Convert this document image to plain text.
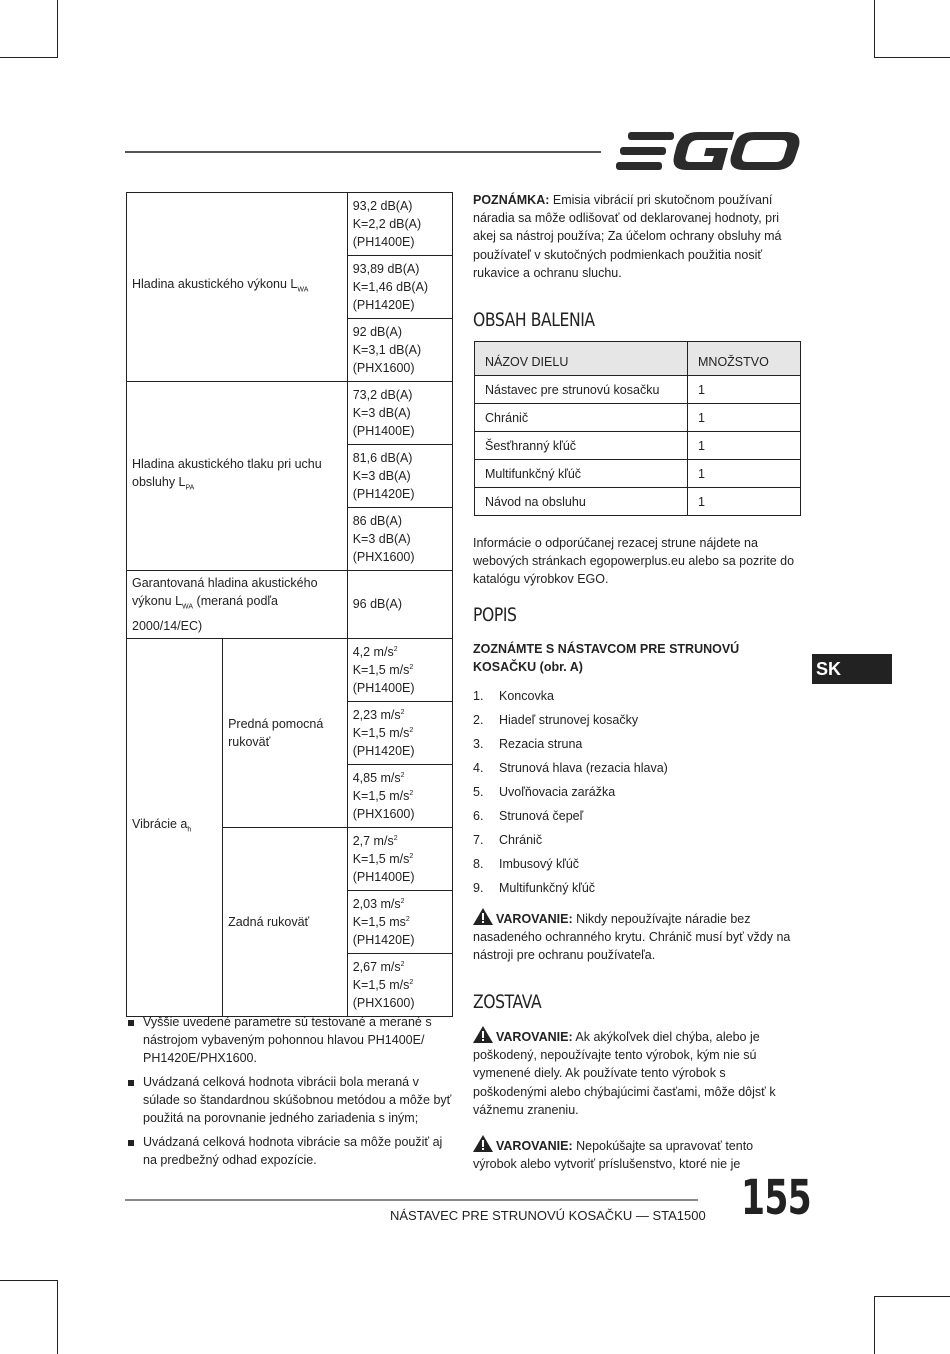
Hladina akustického výkonu $L_{WA}$		93,2 dB(A)
K=2,2 dB(A)
(PH1400E)
		93,89 dB(A)
K=1,46 dB(A)
(PH1420E)
		92 dB(A)
K=3,1 dB(A)
(PHX1600)
Hladina akustického tlaku pri uchu obsluhy $L_{PA}$		73,2 dB(A)
K=3 dB(A)
(PH1400E)
		81,6 dB(A)
K=3 dB(A)
(PH1420E)
		86 dB(A)
K=3 dB(A)
(PHX1600)
Garantovaná hladina akustického výkonu $L_{WA}$ (meraná podľa 2000/14/EC)		96 dB(A)
Vibrácie $a_h$	Predná pomocná rukoväť	4,2 $m/s^2$
K=1,5 $m/s^2$
(PH1400E)
		2,23 $m/s^2$
K=1,5 $m/s^2$
(PH1420E)
		4,85 $m/s^2$
K=1,5 $m/s^2$
(PHX1600)
	Zadná rukoväť	2,7 $m/s^2$
K=1,5 $m/s^2$
(PH1400E)
		2,03 $m/s^2$
K=1,5 $ms^2$
(PH1420E)
		2,67 $m/s^2$
K=1,5 $m/s^2$
(PHX1600)
Vyššie uvedené parametre sú testované a merané s nástrojom vybaveným pohonnou hlavou PH1400E/ PH1420E/PHX1600.
Uvádzaná celková hodnota vibrácii bola meraná v súlade so štandardnou skúšobnou metódou a môže byť použitá na porovnanie jedného zariadenia s iným;
Uvádzaná celková hodnota vibrácie sa môže použiť aj na predbežný odhad expozície.

POZNÁMKA: Emisia vibrácií pri skutočnom používaní náradia sa môže odlišovať od deklarovanej hodnoty, pri akej sa nástroj používa; Za účelom ochrany obsluhy má používateľ v skutočných podmienkach použitia nosiť rukavice a ochranu sluchu.

OBSAH BALENIA
NÁZOV DIELU	MNOŽSTVO
Nástavec pre strunovú kosačku	1
Chránič	1
Šesťhranný kľúč	1
Multifunkčný kľúč	1
Návod na obsluhu	1

Informácie o odporúčanej rezacej strune nájdete na webových stránkach egopowerplus.eu alebo sa pozrite do katalógu výrobkov EGO.

POPIS

ZOZNÁMTE S NÁSTAVCOM PRE STRUNOVÚ KOSAČKU (obr. A)

1. Koncovka
2. Hiadeľ strunovej kosačky
3. Rezacia struna
4. Strunová hlava (rezacia hlava)
5. Uvoľňovacia zarážka
6. Strunová čepeľ
7. Chránič
8. Imbusový kľúč
9. Multifunkčný kľúč

VAROVANIE: Nikdy nepoužívajte náradie bez nasadeného ochranného krytu. Chránič musí byť vždy na nástroji pre ochranu používateľa.

ZOSTAVA

VAROVANIE: Ak akýkoľvek diel chýba, alebo je poškodený, nepoužívajte tento výrobok, kým nie sú vymenené diely. Ak používate tento výrobok s poškodenými alebo chýbajúcimi časťami, môže dôjsť k vážnemu zraneniu.

VAROVANIE: Nepokúšajte sa upravovať tento výrobok alebo vytvoriť príslušenstvo, ktoré nie je

SK
NÁSTAVEC PRE STRUNOVÚ KOSAČKU — STA1500 155
